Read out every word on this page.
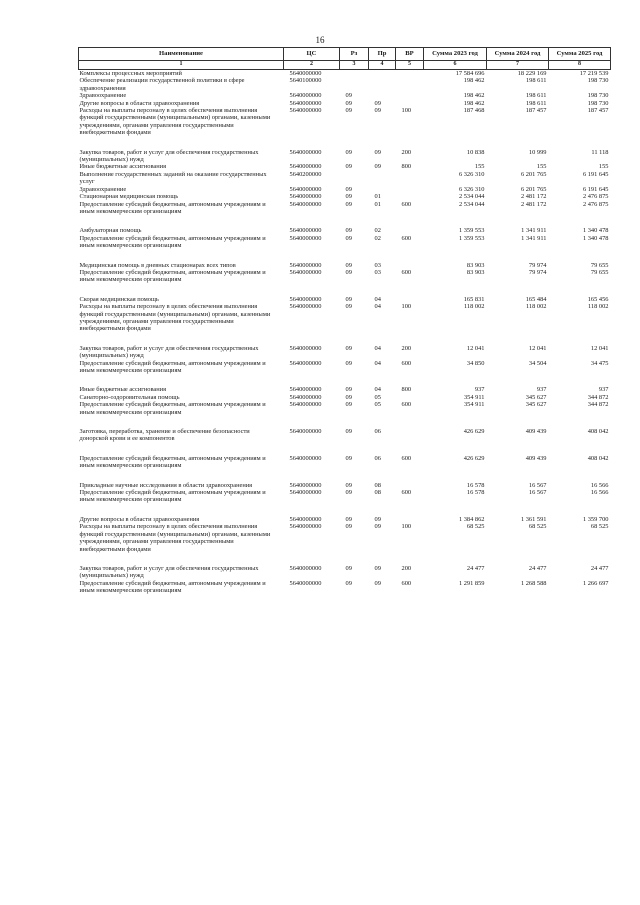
16
Наименование	ЦС	Рз	Пр	ВР	Сумма 2023 год	Сумма 2024 год	Сумма 2025 год
1	2	3	4	5	6	7	8
Комплексы процессных мероприятий	5640000000				17 584 696	18 229 169	17 219 539
Обеспечение реализации государственной политики в сфере здравоохранения	5640100000				198 462	198 611	198 730
Здравоохранение	5640000000	09			198 462	198 611	198 730
Другие вопросы в области здравоохранения	5640000000	09	09		198 462	198 611	198 730
Расходы на выплаты персоналу в целях обеспечения выполнения функций государственными (муниципальными) органами, казенными учреждениями, органами управления государственными внебюджетными фондами	5640000000	09	09	100	187 468	187 457	187 457

Закупка товаров, работ и услуг для обеспечения государственных (муниципальных) нужд	5640000000	09	09	200	10 838	10 999	11 118
Иные бюджетные ассигнования	5640000000	09	09	800	155	155	155
Выполнение государственных заданий на оказание государственных услуг	5640200000				6 326 310	6 201 765	6 191 645
Здравоохранение	5640000000	09			6 326 310	6 201 765	6 191 645
Стационарная медицинская помощь	5640000000	09	01		2 534 044	2 481 172	2 476 875
Предоставление субсидий бюджетным, автономным учреждениям и иным некоммерческим организациям	5640000000	09	01	600	2 534 044	2 481 172	2 476 875

Амбулаторная помощь	5640000000	09	02		1 359 553	1 341 911	1 340 478
Предоставление субсидий бюджетным, автономным учреждениям и иным некоммерческим организациям	5640000000	09	02	600	1 359 553	1 341 911	1 340 478

Медицинская помощь в дневных стационарах всех типов	5640000000	09	03		83 903	79 974	79 655
Предоставление субсидий бюджетным, автономным учреждениям и иным некоммерческим организациям	5640000000	09	03	600	83 903	79 974	79 655

Скорая медицинская помощь	5640000000	09	04		165 831	165 484	165 456
Расходы на выплаты персоналу в целях обеспечения выполнения функций государственными (муниципальными) органами, казенными учреждениями, органами управления государственными внебюджетными фондами	5640000000	09	04	100	118 002	118 002	118 002

Закупка товаров, работ и услуг для обеспечения государственных (муниципальных) нужд	5640000000	09	04	200	12 041	12 041	12 041
Предоставление субсидий бюджетным, автономным учреждениям и иным некоммерческим организациям	5640000000	09	04	600	34 850	34 504	34 475

Иные бюджетные ассигнования	5640000000	09	04	800	937	937	937
Санаторно-оздоровительная помощь	5640000000	09	05		354 911	345 627	344 872
Предоставление субсидий бюджетным, автономным учреждениям и иным некоммерческим организациям	5640000000	09	05	600	354 911	345 627	344 872

Заготовка, переработка, хранение и обеспечение безопасности донорской крови и ее компонентов	5640000000	09	06		426 629	409 439	408 042

Предоставление субсидий бюджетным, автономным учреждениям и иным некоммерческим организациям	5640000000	09	06	600	426 629	409 439	408 042

Прикладные научные исследования в области здравоохранения	5640000000	09	08		16 578	16 567	16 566
Предоставление субсидий бюджетным, автономным учреждениям и иным некоммерческим организациям	5640000000	09	08	600	16 578	16 567	16 566

Другие вопросы в области здравоохранения	5640000000	09	09		1 384 862	1 361 591	1 359 700
Расходы на выплаты персоналу в целях обеспечения выполнения функций государственными (муниципальными) органами, казенными учреждениями, органами управления государственными внебюджетными фондами	5640000000	09	09	100	68 525	68 525	68 525

Закупка товаров, работ и услуг для обеспечения государственных (муниципальных) нужд	5640000000	09	09	200	24 477	24 477	24 477
Предоставление субсидий бюджетным, автономным учреждениям и иным некоммерческим организациям	5640000000	09	09	600	1 291 859	1 268 588	1 266 697
